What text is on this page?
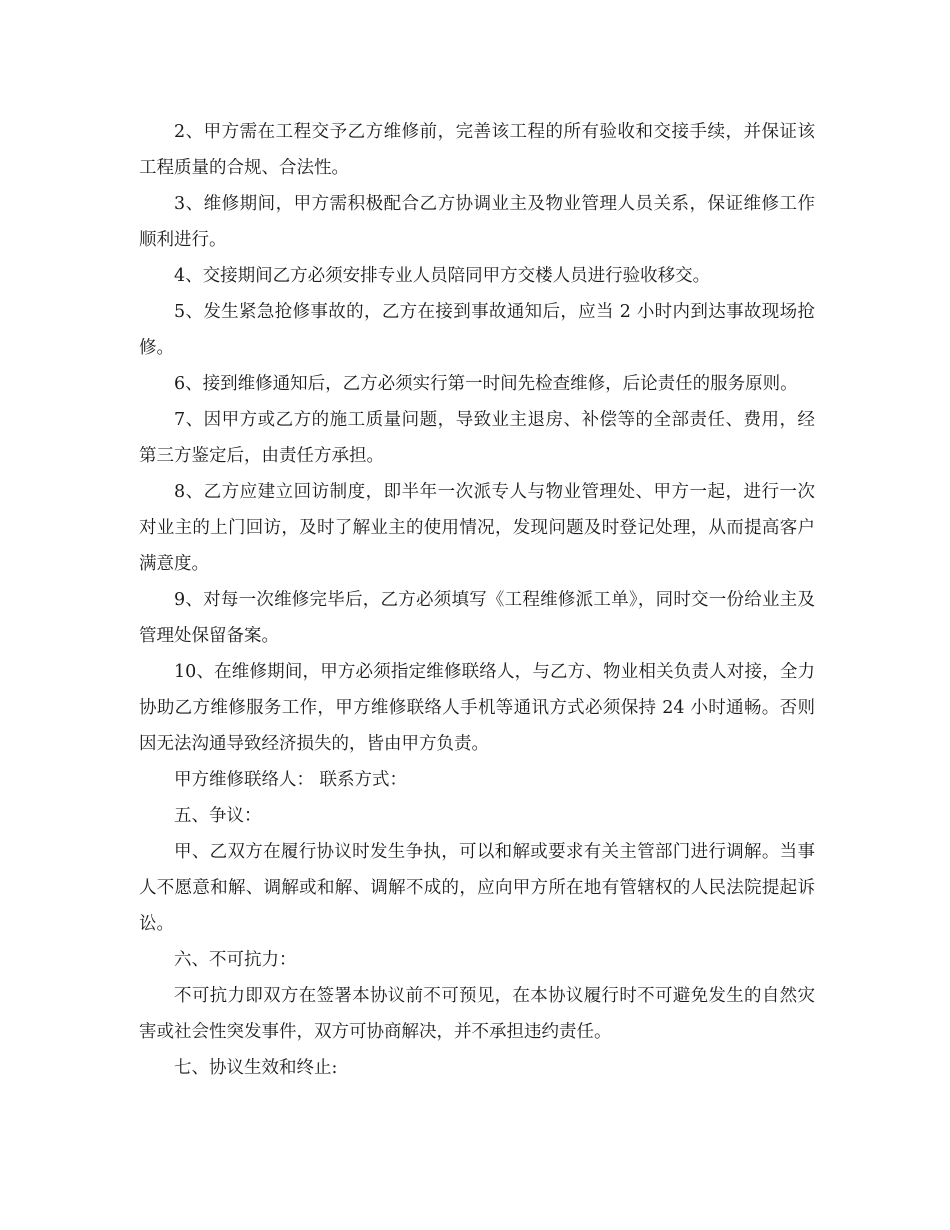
2、甲方需在工程交予乙方维修前，完善该工程的所有验收和交接手续，并保证该工程质量的合规、合法性。

3、维修期间，甲方需积极配合乙方协调业主及物业管理人员关系，保证维修工作顺利进行。

4、交接期间乙方必须安排专业人员陪同甲方交楼人员进行验收移交。

5、发生紧急抢修事故的，乙方在接到事故通知后，应当 2 小时内到达事故现场抢修。

6、接到维修通知后，乙方必须实行第一时间先检查维修，后论责任的服务原则。

7、因甲方或乙方的施工质量问题，导致业主退房、补偿等的全部责任、费用，经第三方鉴定后，由责任方承担。

8、乙方应建立回访制度，即半年一次派专人与物业管理处、甲方一起，进行一次对业主的上门回访，及时了解业主的使用情况，发现问题及时登记处理，从而提高客户满意度。

9、对每一次维修完毕后，乙方必须填写《工程维修派工单》，同时交一份给业主及管理处保留备案。

10、在维修期间，甲方必须指定维修联络人，与乙方、物业相关负责人对接，全力协助乙方维修服务工作，甲方维修联络人手机等通讯方式必须保持 24 小时通畅。否则因无法沟通导致经济损失的，皆由甲方负责。

甲方维修联络人： 联系方式：

五、争议：

甲、乙双方在履行协议时发生争执，可以和解或要求有关主管部门进行调解。当事人不愿意和解、调解或和解、调解不成的，应向甲方所在地有管辖权的人民法院提起诉讼。

六、不可抗力：

不可抗力即双方在签署本协议前不可预见，在本协议履行时不可避免发生的自然灾害或社会性突发事件，双方可协商解决，并不承担违约责任。

七、协议生效和终止:
